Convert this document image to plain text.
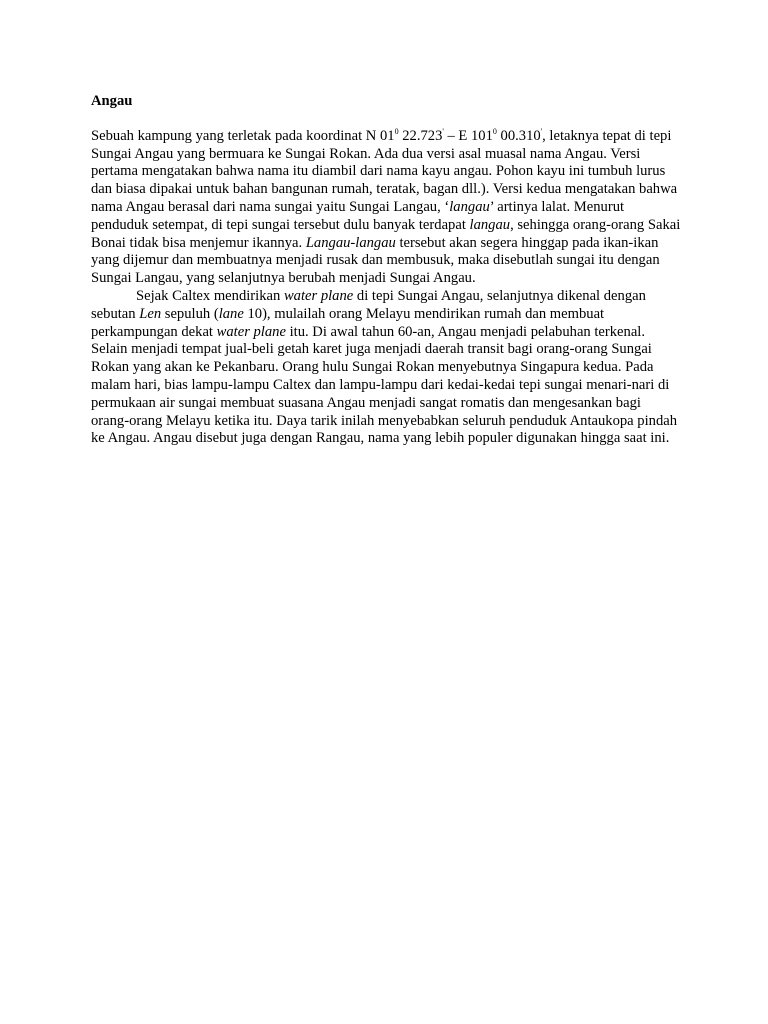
Angau

Sebuah kampung yang terletak pada koordinat N $01^0$ 22.723' – E $101^0$ 00.310', letaknya tepat di tepi Sungai Angau yang bermuara ke Sungai Rokan. Ada dua versi asal muasal nama Angau. Versi pertama mengatakan bahwa nama itu diambil dari nama kayu angau. Pohon kayu ini tumbuh lurus dan biasa dipakai untuk bahan bangunan rumah, teratak, bagan dll.). Versi kedua mengatakan bahwa nama Angau berasal dari nama sungai yaitu Sungai Langau, ‘langau’ artinya lalat. Menurut penduduk setempat, di tepi sungai tersebut dulu banyak terdapat langau, sehingga orang-orang Sakai Bonai tidak bisa menjemur ikannya. Langau-langau tersebut akan segera hinggap pada ikan-ikan yang dijemur dan membuatnya menjadi rusak dan membusuk, maka disebutlah sungai itu dengan Sungai Langau, yang selanjutnya berubah menjadi Sungai Angau.

Sejak Caltex mendirikan water plane di tepi Sungai Angau, selanjutnya dikenal dengan sebutan Len sepuluh (lane 10), mulailah orang Melayu mendirikan rumah dan membuat perkampungan dekat water plane itu. Di awal tahun 60-an, Angau menjadi pelabuhan terkenal. Selain menjadi tempat jual-beli getah karet juga menjadi daerah transit bagi orang-orang Sungai Rokan yang akan ke Pekanbaru. Orang hulu Sungai Rokan menyebutnya Singapura kedua. Pada malam hari, bias lampu-lampu Caltex dan lampu-lampu dari kedai-kedai tepi sungai menari-nari di permukaan air sungai membuat suasana Angau menjadi sangat romatis dan mengesankan bagi orang-orang Melayu ketika itu. Daya tarik inilah menyebabkan seluruh penduduk Antaukopa pindah ke Angau. Angau disebut juga dengan Rangau, nama yang lebih populer digunakan hingga saat ini.
